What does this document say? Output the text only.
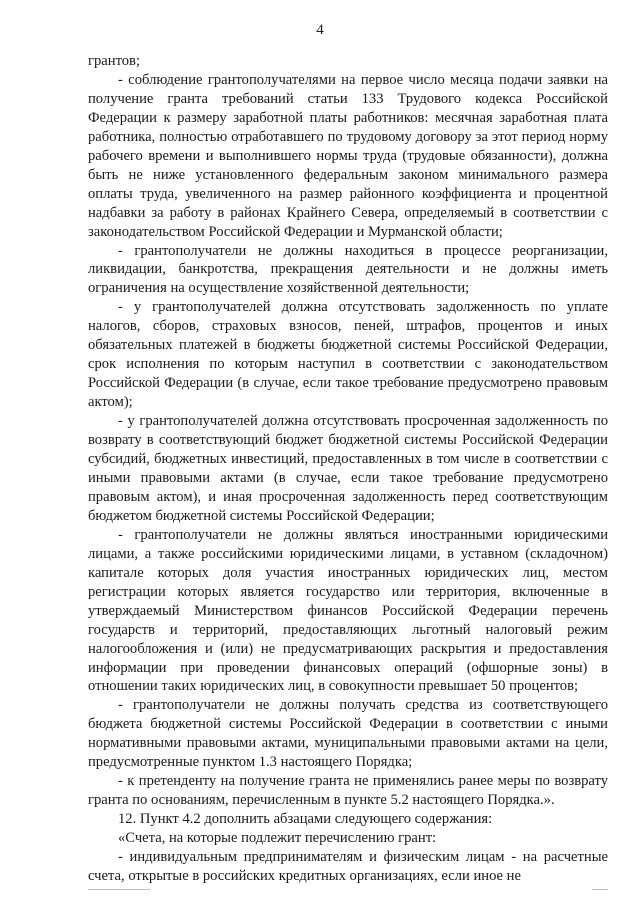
4

грантов;

- соблюдение грантополучателями на первое число месяца подачи заявки на получение гранта требований статьи 133 Трудового кодекса Российской Федерации к размеру заработной платы работников: месячная заработная плата работника, полностью отработавшего по трудовому договору за этот период норму рабочего времени и выполнившего нормы труда (трудовые обязанности), должна быть не ниже установленного федеральным законом минимального размера оплаты труда, увеличенного на размер районного коэффициента и процентной надбавки за работу в районах Крайнего Севера, определяемый в соответствии с законодательством Российской Федерации и Мурманской области;

- грантополучатели не должны находиться в процессе реорганизации, ликвидации, банкротства, прекращения деятельности и не должны иметь ограничения на осуществление хозяйственной деятельности;

- у грантополучателей должна отсутствовать задолженность по уплате налогов, сборов, страховых взносов, пеней, штрафов, процентов и иных обязательных платежей в бюджеты бюджетной системы Российской Федерации, срок исполнения по которым наступил в соответствии с законодательством Российской Федерации (в случае, если такое требование предусмотрено правовым актом);

- у грантополучателей должна отсутствовать просроченная задолженность по возврату в соответствующий бюджет бюджетной системы Российской Федерации субсидий, бюджетных инвестиций, предоставленных в том числе в соответствии с иными правовыми актами (в случае, если такое требование предусмотрено правовым актом), и иная просроченная задолженность перед соответствующим бюджетом бюджетной системы Российской Федерации;

- грантополучатели не должны являться иностранными юридическими лицами, а также российскими юридическими лицами, в уставном (складочном) капитале которых доля участия иностранных юридических лиц, местом регистрации которых является государство или территория, включенные в утверждаемый Министерством финансов Российской Федерации перечень государств и территорий, предоставляющих льготный налоговый режим налогообложения и (или) не предусматривающих раскрытия и предоставления информации при проведении финансовых операций (офшорные зоны) в отношении таких юридических лиц, в совокупности превышает 50 процентов;

- грантополучатели не должны получать средства из соответствующего бюджета бюджетной системы Российской Федерации в соответствии с иными нормативными правовыми актами, муниципальными правовыми актами на цели, предусмотренные пунктом 1.3 настоящего Порядка;

- к претенденту на получение гранта не применялись ранее меры по возврату гранта по основаниям, перечисленным в пункте 5.2 настоящего Порядка.».

12. Пункт 4.2 дополнить абзацами следующего содержания:

«Счета, на которые подлежит перечислению грант:

- индивидуальным предпринимателям и физическим лицам - на расчетные счета, открытые в российских кредитных организациях, если иное не
